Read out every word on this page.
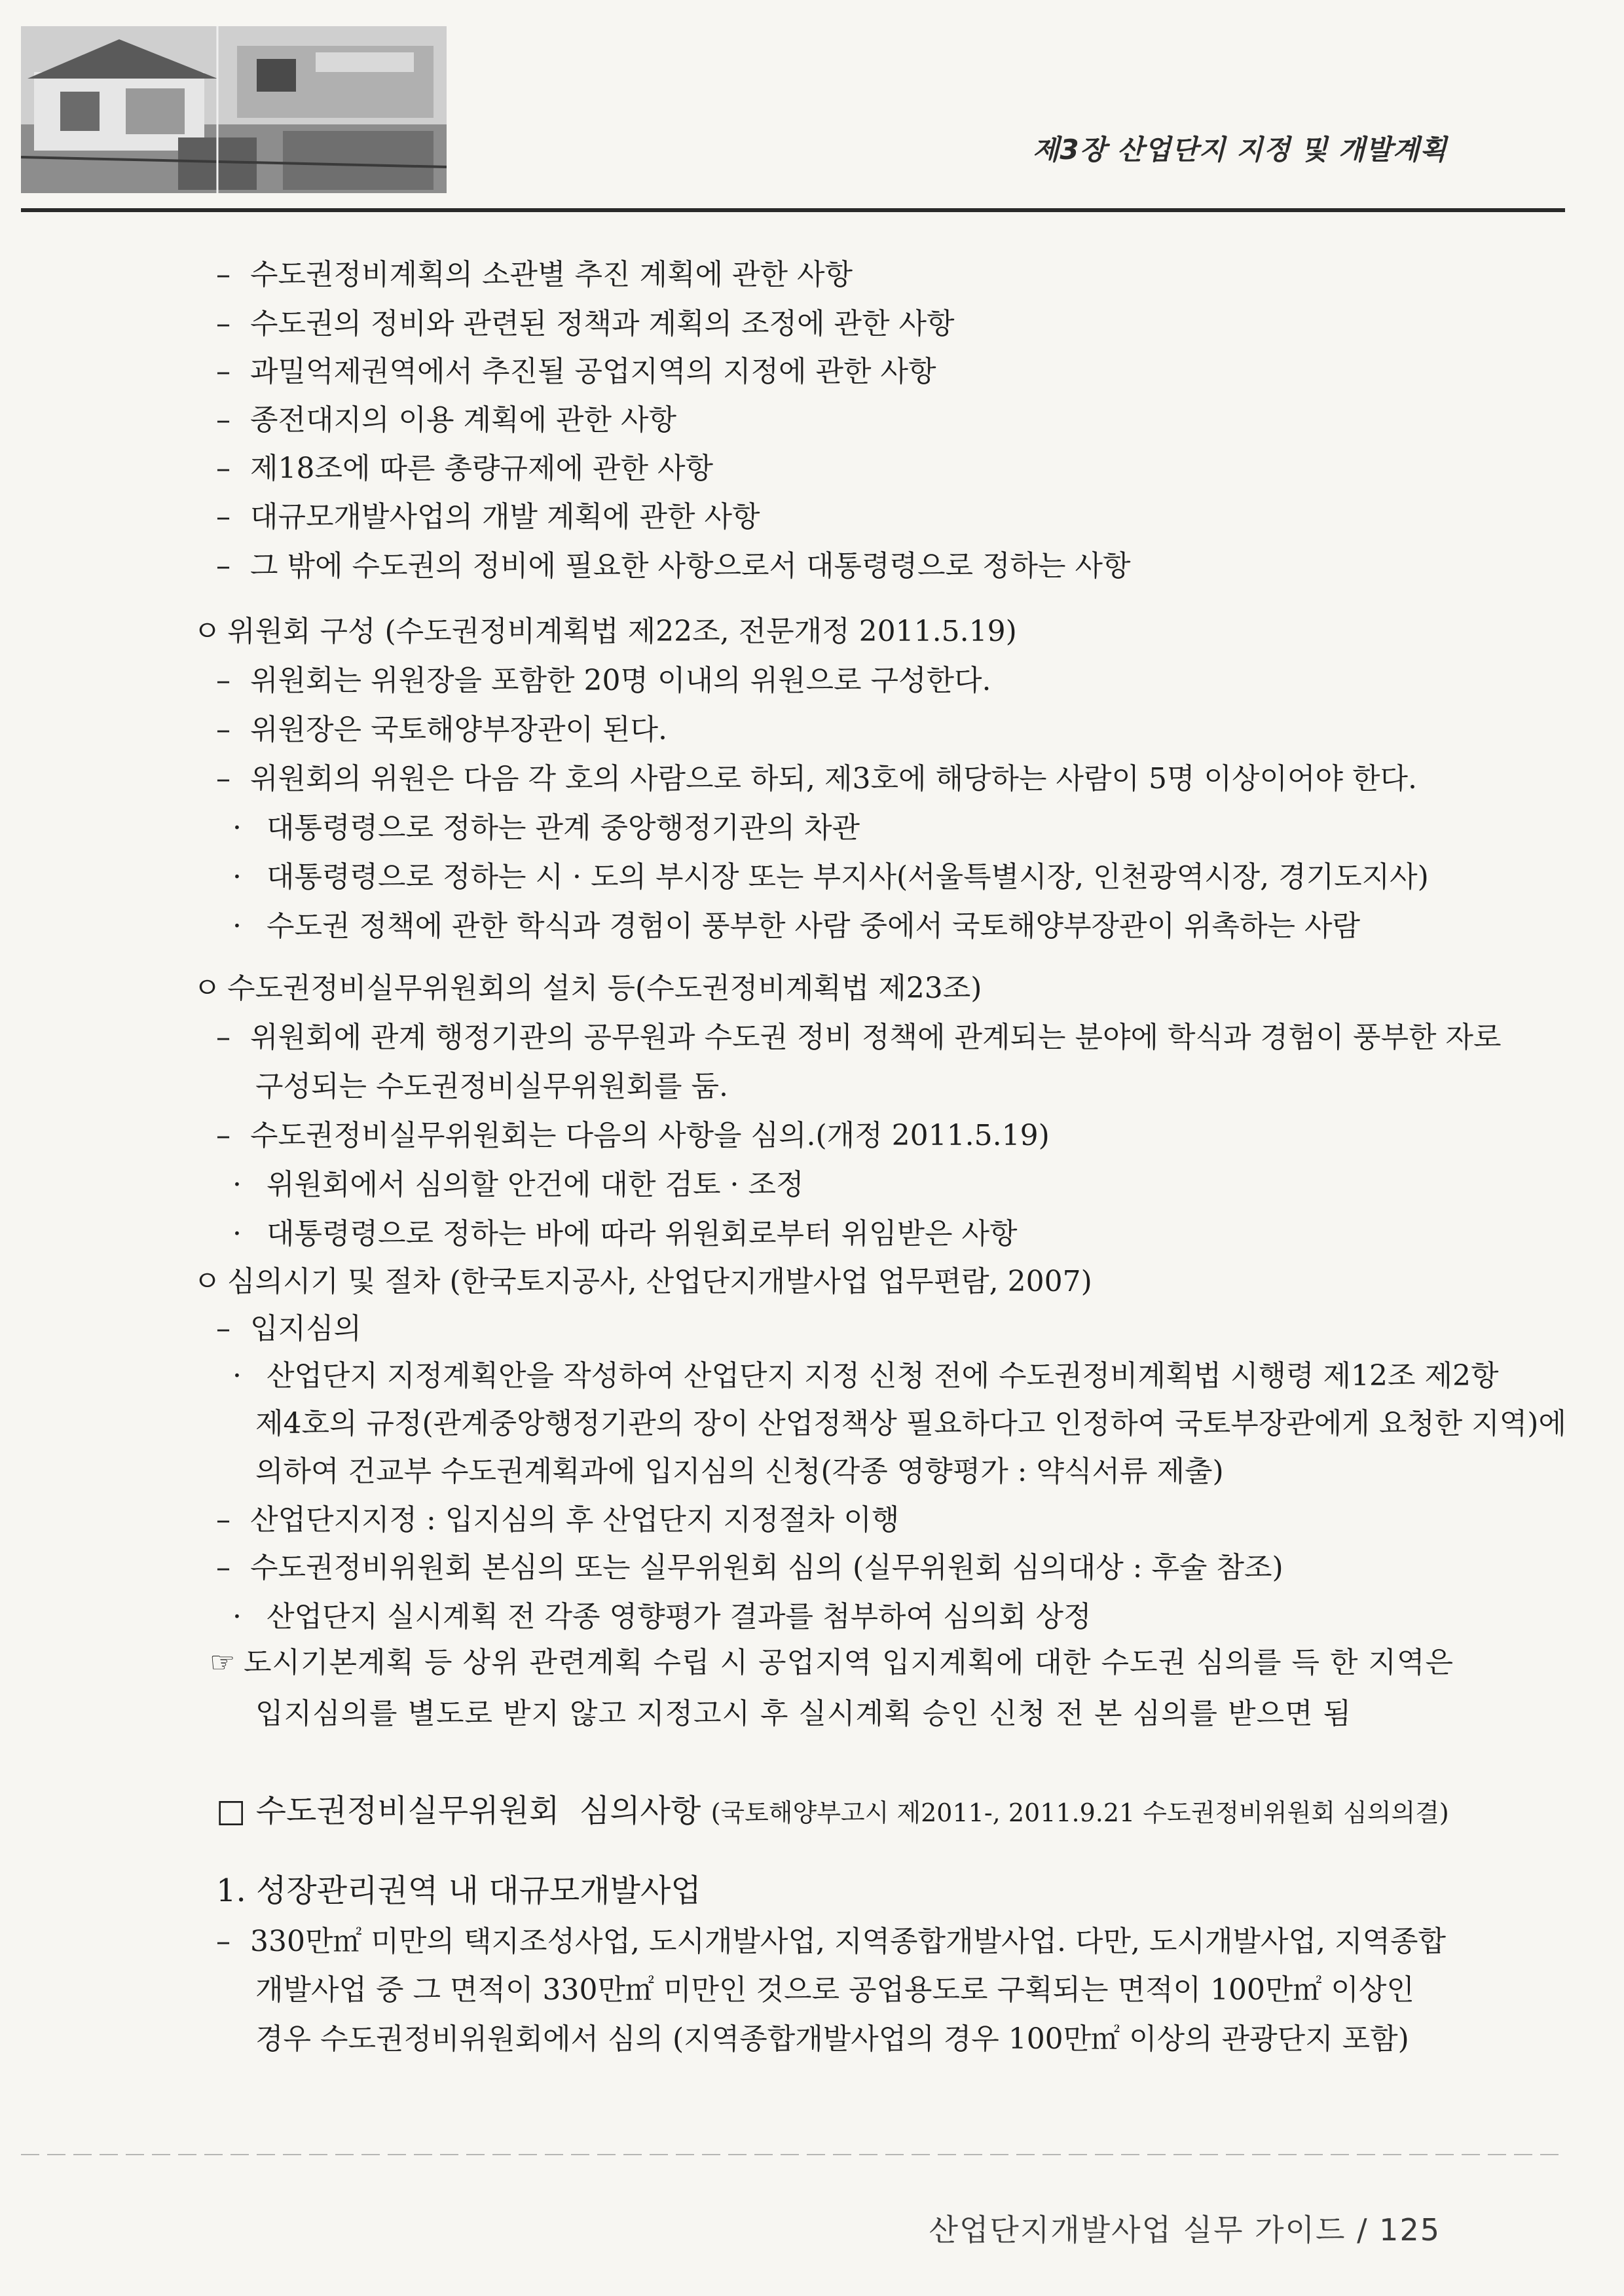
제3장 산업단지 지정 및 개발계획
– 수도권정비계획의 소관별 추진 계획에 관한 사항
– 수도권의 정비와 관련된 정책과 계획의 조정에 관한 사항
– 과밀억제권역에서 추진될 공업지역의 지정에 관한 사항
– 종전대지의 이용 계획에 관한 사항
– 제18조에 따른 총량규제에 관한 사항
– 대규모개발사업의 개발 계획에 관한 사항
– 그 밖에 수도권의 정비에 필요한 사항으로서 대통령령으로 정하는 사항
ㅇ 위원회 구성 (수도권정비계획법 제22조, 전문개정 2011.5.19)
– 위원회는 위원장을 포함한 20명 이내의 위원으로 구성한다.
– 위원장은 국토해양부장관이 된다.
– 위원회의 위원은 다음 각 호의 사람으로 하되, 제3호에 해당하는 사람이 5명 이상이어야 한다.
· 대통령령으로 정하는 관계 중앙행정기관의 차관
· 대통령령으로 정하는 시 · 도의 부시장 또는 부지사(서울특별시장, 인천광역시장, 경기도지사)
· 수도권 정책에 관한 학식과 경험이 풍부한 사람 중에서 국토해양부장관이 위촉하는 사람
ㅇ 수도권정비실무위원회의 설치 등(수도권정비계획법 제23조)
– 위원회에 관계 행정기관의 공무원과 수도권 정비 정책에 관계되는 분야에 학식과 경험이 풍부한 자로
구성되는 수도권정비실무위원회를 둠.
– 수도권정비실무위원회는 다음의 사항을 심의.(개정 2011.5.19)
· 위원회에서 심의할 안건에 대한 검토 · 조정
· 대통령령으로 정하는 바에 따라 위원회로부터 위임받은 사항
ㅇ 심의시기 및 절차 (한국토지공사, 산업단지개발사업 업무편람, 2007)
– 입지심의
· 산업단지 지정계획안을 작성하여 산업단지 지정 신청 전에 수도권정비계획법 시행령 제12조 제2항
제4호의 규정(관계중앙행정기관의 장이 산업정책상 필요하다고 인정하여 국토부장관에게 요청한 지역)에
의하여 건교부 수도권계획과에 입지심의 신청(각종 영향평가 : 약식서류 제출)
– 산업단지지정 : 입지심의 후 산업단지 지정절차 이행
– 수도권정비위원회 본심의 또는 실무위원회 심의 (실무위원회 심의대상 : 후술 참조)
· 산업단지 실시계획 전 각종 영향평가 결과를 첨부하여 심의회 상정
☞ 도시기본계획 등 상위 관련계획 수립 시 공업지역 입지계획에 대한 수도권 심의를 득 한 지역은
입지심의를 별도로 받지 않고 지정고시 후 실시계획 승인 신청 전 본 심의를 받으면 됨
□ 수도권정비실무위원회  심의사항 (국토해양부고시 제2011-, 2011.9.21 수도권정비위원회 심의의결)
1. 성장관리권역 내 대규모개발사업
– 330만㎡ 미만의 택지조성사업, 도시개발사업, 지역종합개발사업. 다만, 도시개발사업, 지역종합
개발사업 중 그 면적이 330만㎡ 미만인 것으로 공업용도로 구획되는 면적이 100만㎡ 이상인
경우 수도권정비위원회에서 심의 (지역종합개발사업의 경우 100만㎡ 이상의 관광단지 포함)
산업단지개발사업 실무 가이드 / 125
